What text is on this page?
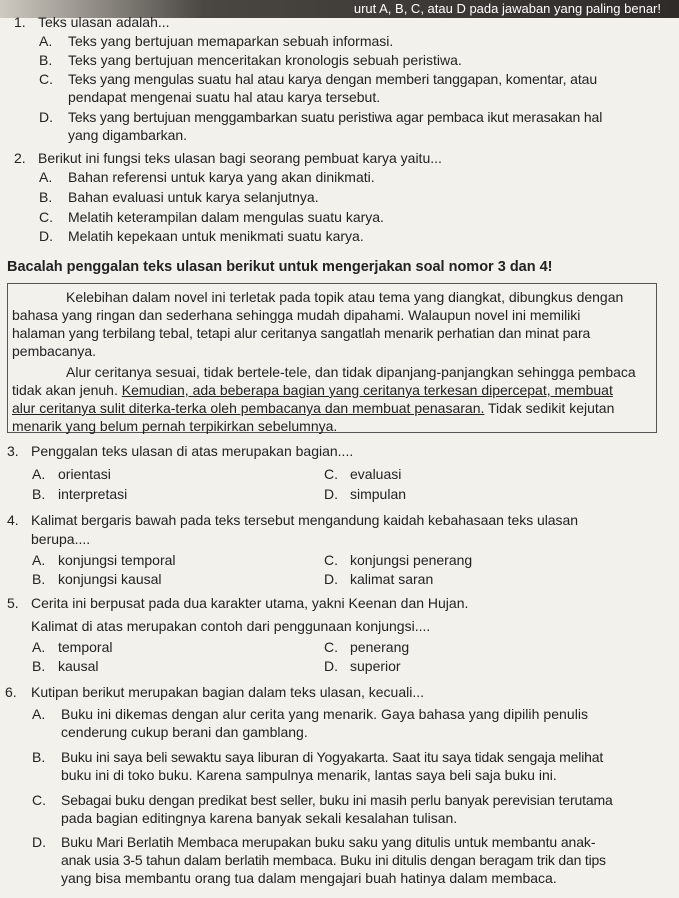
urut A, B, C, atau D pada jawaban yang paling benar!
1. Teks ulasan adalah...
A. Teks yang bertujuan memaparkan sebuah informasi.
B. Teks yang bertujuan menceritakan kronologis sebuah peristiwa.
C. Teks yang mengulas suatu hal atau karya dengan memberi tanggapan, komentar, atau
pendapat mengenai suatu hal atau karya tersebut.
D. Teks yang bertujuan menggambarkan suatu peristiwa agar pembaca ikut merasakan hal
yang digambarkan.
2. Berikut ini fungsi teks ulasan bagi seorang pembuat karya yaitu...
A. Bahan referensi untuk karya yang akan dinikmati.
B. Bahan evaluasi untuk karya selanjutnya.
C. Melatih keterampilan dalam mengulas suatu karya.
D. Melatih kepekaan untuk menikmati suatu karya.
Bacalah penggalan teks ulasan berikut untuk mengerjakan soal nomor 3 dan 4!
Kelebihan dalam novel ini terletak pada topik atau tema yang diangkat, dibungkus dengan
bahasa yang ringan dan sederhana sehingga mudah dipahami. Walaupun novel ini memiliki
halaman yang terbilang tebal, tetapi alur ceritanya sangatlah menarik perhatian dan minat para
pembacanya.
Alur ceritanya sesuai, tidak bertele-tele, dan tidak dipanjang-panjangkan sehingga pembaca
tidak akan jenuh. Kemudian, ada beberapa bagian yang ceritanya terkesan dipercepat, membuat
alur ceritanya sulit diterka-terka oleh pembacanya dan membuat penasaran. Tidak sedikit kejutan
menarik yang belum pernah terpikirkan sebelumnya.
3. Penggalan teks ulasan di atas merupakan bagian....
A. orientasi	C. evaluasi
B. interpretasi	D. simpulan
4. Kalimat bergaris bawah pada teks tersebut mengandung kaidah kebahasaan teks ulasan
berupa....
A. konjungsi temporal	C. konjungsi penerang
B. konjungsi kausal	D. kalimat saran
5. Cerita ini berpusat pada dua karakter utama, yakni Keenan dan Hujan.
Kalimat di atas merupakan contoh dari penggunaan konjungsi....
A. temporal	C. penerang
B. kausal	D. superior
6. Kutipan berikut merupakan bagian dalam teks ulasan, kecuali...
A. Buku ini dikemas dengan alur cerita yang menarik. Gaya bahasa yang dipilih penulis
cenderung cukup berani dan gamblang.
B. Buku ini saya beli sewaktu saya liburan di Yogyakarta. Saat itu saya tidak sengaja melihat
buku ini di toko buku. Karena sampulnya menarik, lantas saya beli saja buku ini.
C. Sebagai buku dengan predikat best seller, buku ini masih perlu banyak perevisian terutama
pada bagian editingnya karena banyak sekali kesalahan tulisan.
D. Buku Mari Berlatih Membaca merupakan buku saku yang ditulis untuk membantu anak-
anak usia 3-5 tahun dalam berlatih membaca. Buku ini ditulis dengan beragam trik dan tips
yang bisa membantu orang tua dalam mengajari buah hatinya dalam membaca.
